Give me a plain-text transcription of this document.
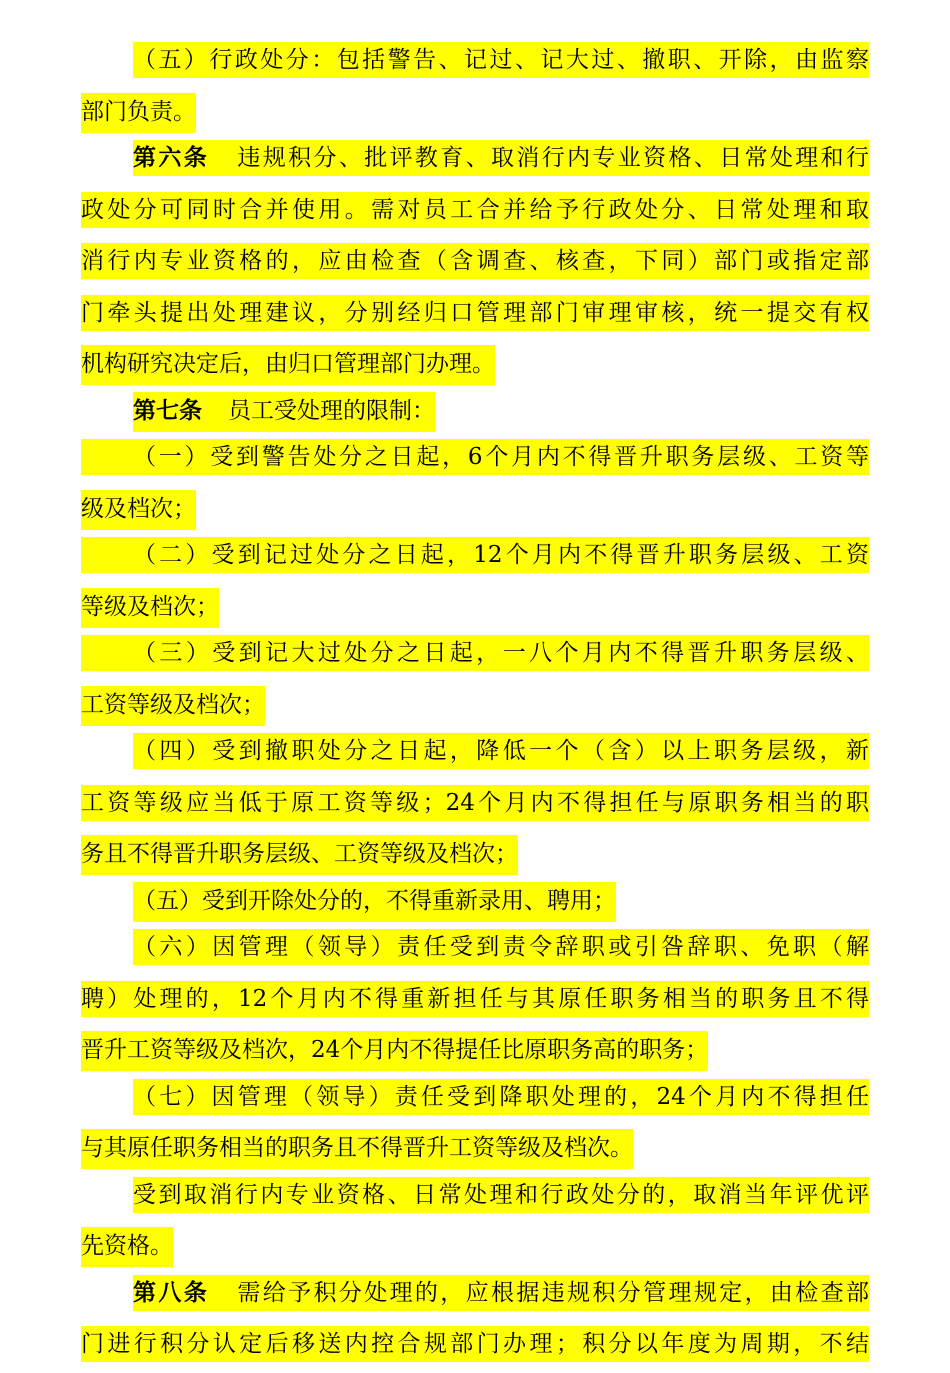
（五）行政处分：包括警告、记过、记大过、撤职、开除，由监察
部门负责。
第六条 违规积分、批评教育、取消行内专业资格、日常处理和行
政处分可同时合并使用。需对员工合并给予行政处分、日常处理和取
消行内专业资格的，应由检查（含调查、核查，下同）部门或指定部
门牵头提出处理建议，分别经归口管理部门审理审核，统一提交有权
机构研究决定后，由归口管理部门办理。
第七条 员工受处理的限制：
（一）受到警告处分之日起，6个月内不得晋升职务层级、工资等
级及档次；
（二）受到记过处分之日起，12个月内不得晋升职务层级、工资
等级及档次；
（三）受到记大过处分之日起，一八个月内不得晋升职务层级、
工资等级及档次；
（四）受到撤职处分之日起，降低一个（含）以上职务层级，新
工资等级应当低于原工资等级；24个月内不得担任与原职务相当的职
务且不得晋升职务层级、工资等级及档次；
（五）受到开除处分的，不得重新录用、聘用；
（六）因管理（领导）责任受到责令辞职或引咎辞职、免职（解
聘）处理的，12个月内不得重新担任与其原任职务相当的职务且不得
晋升工资等级及档次，24个月内不得提任比原职务高的职务；
（七）因管理（领导）责任受到降职处理的，24个月内不得担任
与其原任职务相当的职务且不得晋升工资等级及档次。
受到取消行内专业资格、日常处理和行政处分的，取消当年评优评
先资格。
第八条 需给予积分处理的，应根据违规积分管理规定，由检查部
门进行积分认定后移送内控合规部门办理；积分以年度为周期，不结
